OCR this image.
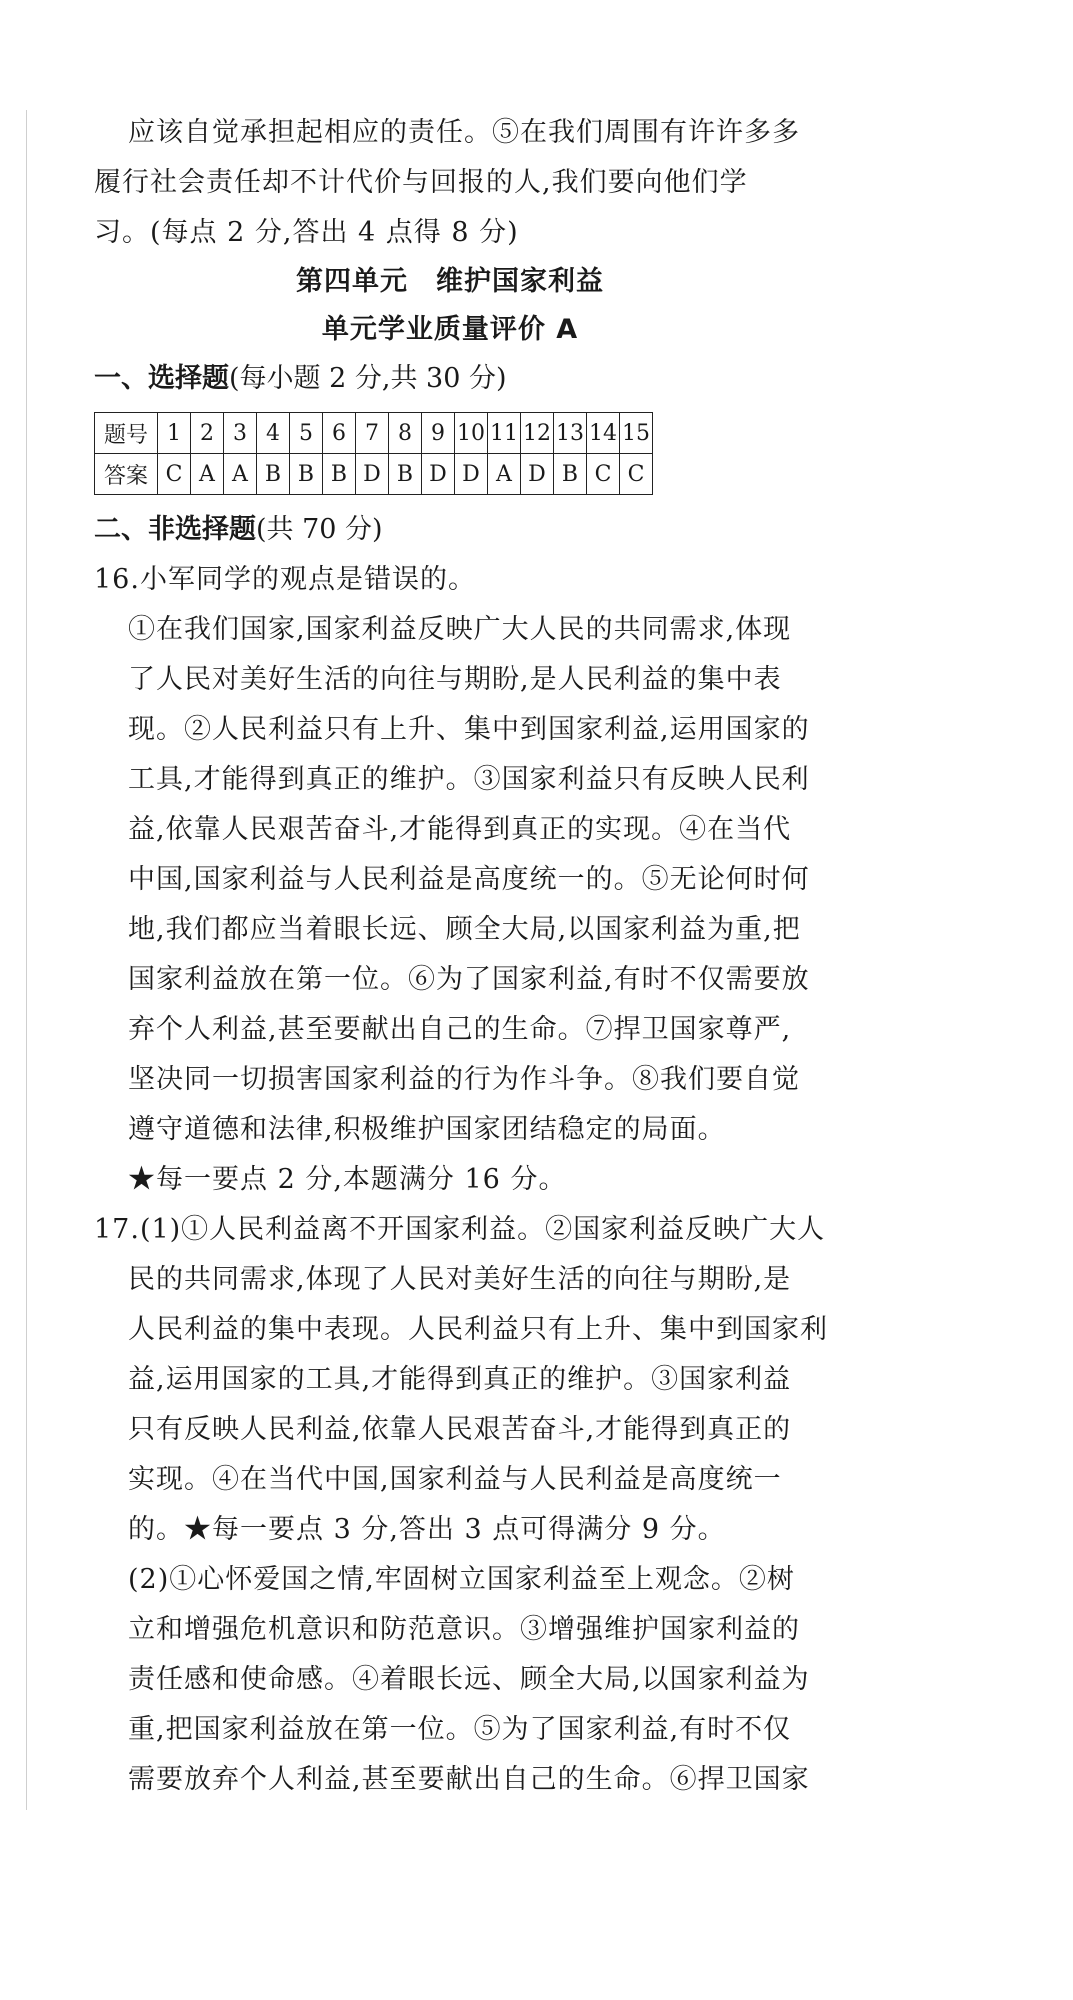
应该自觉承担起相应的责任。⑤在我们周围有许许多多
履行社会责任却不计代价与回报的人,我们要向他们学
习。(每点 2 分,答出 4 点得 8 分)
第四单元　维护国家利益
单元学业质量评价 A
一、选择题(每小题 2 分,共 30 分)
题号	1	2	3	4	5	6	7	8	9	10	11	12	13	14	15
答案	C	A	A	B	B	B	D	B	D	D	A	D	B	C	C
二、非选择题(共 70 分)
16.小军同学的观点是错误的。
①在我们国家,国家利益反映广大人民的共同需求,体现
了人民对美好生活的向往与期盼,是人民利益的集中表
现。②人民利益只有上升、集中到国家利益,运用国家的
工具,才能得到真正的维护。③国家利益只有反映人民利
益,依靠人民艰苦奋斗,才能得到真正的实现。④在当代
中国,国家利益与人民利益是高度统一的。⑤无论何时何
地,我们都应当着眼长远、顾全大局,以国家利益为重,把
国家利益放在第一位。⑥为了国家利益,有时不仅需要放
弃个人利益,甚至要献出自己的生命。⑦捍卫国家尊严,
坚决同一切损害国家利益的行为作斗争。⑧我们要自觉
遵守道德和法律,积极维护国家团结稳定的局面。
★每一要点 2 分,本题满分 16 分。
17.(1)①人民利益离不开国家利益。②国家利益反映广大人
民的共同需求,体现了人民对美好生活的向往与期盼,是
人民利益的集中表现。人民利益只有上升、集中到国家利
益,运用国家的工具,才能得到真正的维护。③国家利益
只有反映人民利益,依靠人民艰苦奋斗,才能得到真正的
实现。④在当代中国,国家利益与人民利益是高度统一
的。★每一要点 3 分,答出 3 点可得满分 9 分。
(2)①心怀爱国之情,牢固树立国家利益至上观念。②树
立和增强危机意识和防范意识。③增强维护国家利益的
责任感和使命感。④着眼长远、顾全大局,以国家利益为
重,把国家利益放在第一位。⑤为了国家利益,有时不仅
需要放弃个人利益,甚至要献出自己的生命。⑥捍卫国家
